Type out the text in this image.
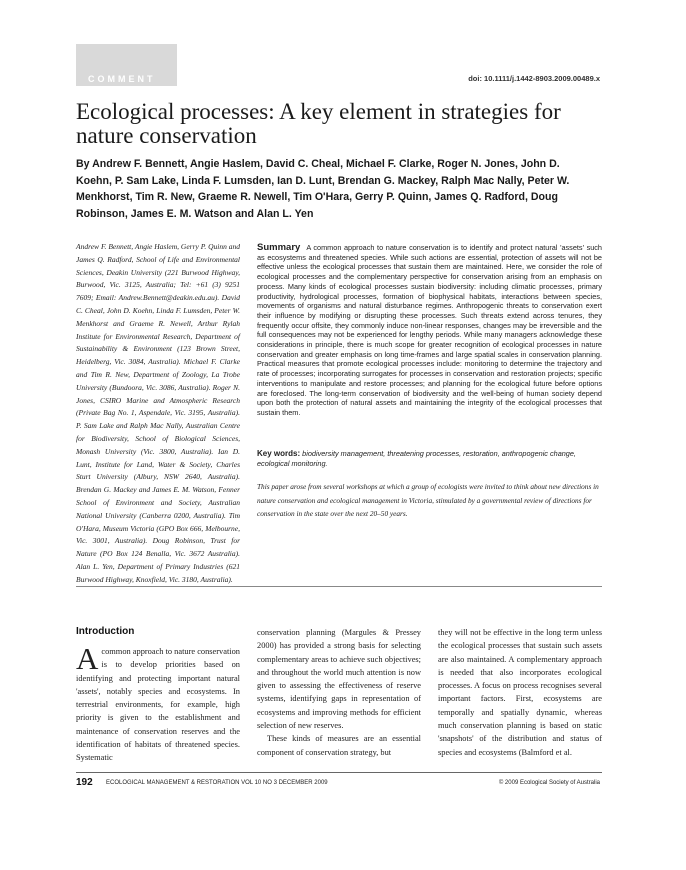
COMMENT	doi: 10.1111/j.1442-8903.2009.00489.x
Ecological processes: A key element in strategies for nature conservation
By Andrew F. Bennett, Angie Haslem, David C. Cheal, Michael F. Clarke, Roger N. Jones, John D. Koehn, P. Sam Lake, Linda F. Lumsden, Ian D. Lunt, Brendan G. Mackey, Ralph Mac Nally, Peter W. Menkhorst, Tim R. New, Graeme R. Newell, Tim O'Hara, Gerry P. Quinn, James Q. Radford, Doug Robinson, James E. M. Watson and Alan L. Yen
Andrew F. Bennett, Angie Haslem, Gerry P. Quinn and James Q. Radford, School of Life and Environmental Sciences, Deakin University (221 Burwood Highway, Burwood, Vic. 3125, Australia; Tel: +61 (3) 9251 7609; Email: Andrew.Bennett@deakin.edu.au). David C. Cheal, John D. Koehn, Linda F. Lumsden, Peter W. Menkhorst and Graeme R. Newell, Arthur Rylah Institute for Environmental Research, Department of Sustainability & Environment (123 Brown Street, Heidelberg, Vic. 3084, Australia). Michael F. Clarke and Tim R. New, Department of Zoology, La Trobe University (Bundoora, Vic. 3086, Australia). Roger N. Jones, CSIRO Marine and Atmospheric Research (Private Bag No. 1, Aspendale, Vic. 3195, Australia). P. Sam Lake and Ralph Mac Nally, Australian Centre for Biodiversity, School of Biological Sciences, Monash University (Vic. 3800, Australia). Ian D. Lunt, Institute for Land, Water & Society, Charles Sturt University (Albury, NSW 2640, Australia). Brendan G. Mackey and James E. M. Watson, Fenner School of Environment and Society, Australian National University (Canberra 0200, Australia). Tim O'Hara, Museum Victoria (GPO Box 666, Melbourne, Vic. 3001, Australia). Doug Robinson, Trust for Nature (PO Box 124 Benalla, Vic. 3672 Australia). Alan L. Yen, Department of Primary Industries (621 Burwood Highway, Knoxfield, Vic. 3180, Australia).
Summary A common approach to nature conservation is to identify and protect natural 'assets' such as ecosystems and threatened species. While such actions are essential, protection of assets will not be effective unless the ecological processes that sustain them are maintained. Here, we consider the role of ecological processes and the complementary perspective for conservation arising from an emphasis on process. Many kinds of ecological processes sustain biodiversity: including climatic processes, primary productivity, hydrological processes, formation of biophysical habitats, interactions between species, movements of organisms and natural disturbance regimes. Anthropogenic threats to conservation exert their influence by modifying or disrupting these processes. Such threats extend across tenures, they frequently occur offsite, they commonly induce non-linear responses, changes may be irreversible and the full consequences may not be experienced for lengthy periods. While many managers acknowledge these considerations in principle, there is much scope for greater recognition of ecological processes in nature conservation and greater emphasis on long time-frames and large spatial scales in conservation planning. Practical measures that promote ecological processes include: monitoring to determine the trajectory and rate of processes; incorporating surrogates for processes in conservation and restoration projects; specific interventions to manipulate and restore processes; and planning for the ecological future before options are foreclosed. The long-term conservation of biodiversity and the well-being of human society depend upon both the protection of natural assets and maintaining the integrity of the ecological processes that sustain them.
Key words: biodiversity management, threatening processes, restoration, anthropogenic change, ecological monitoring.
This paper arose from several workshops at which a group of ecologists were invited to think about new directions in nature conservation and ecological management in Victoria, stimulated by a governmental review of directions for conservation in the state over the next 20–50 years.
Introduction

A common approach to nature conservation is to develop priorities based on identifying and protecting important natural 'assets', notably species and ecosystems. In terrestrial environments, for example, high priority is given to the establishment and maintenance of conservation reserves and the identification of habitats of threatened species. Systematic

conservation planning (Margules & Pressey 2000) has provided a strong basis for selecting complementary areas to achieve such objectives; and throughout the world much attention is now given to assessing the effectiveness of reserve systems, identifying gaps in representation of ecosystems and improving methods for efficient selection of new reserves.

These kinds of measures are an essential component of conservation strategy, but

they will not be effective in the long term unless the ecological processes that sustain such assets are also maintained. A complementary approach is needed that also incorporates ecological processes. A focus on process recognises several important factors. First, ecosystems are temporally and spatially dynamic, whereas much conservation planning is based on static 'snapshots' of the distribution and status of species and ecosystems (Balmford et al.

192 ECOLOGICAL MANAGEMENT & RESTORATION VOL 10 NO 3 DECEMBER 2009	© 2009 Ecological Society of Australia
